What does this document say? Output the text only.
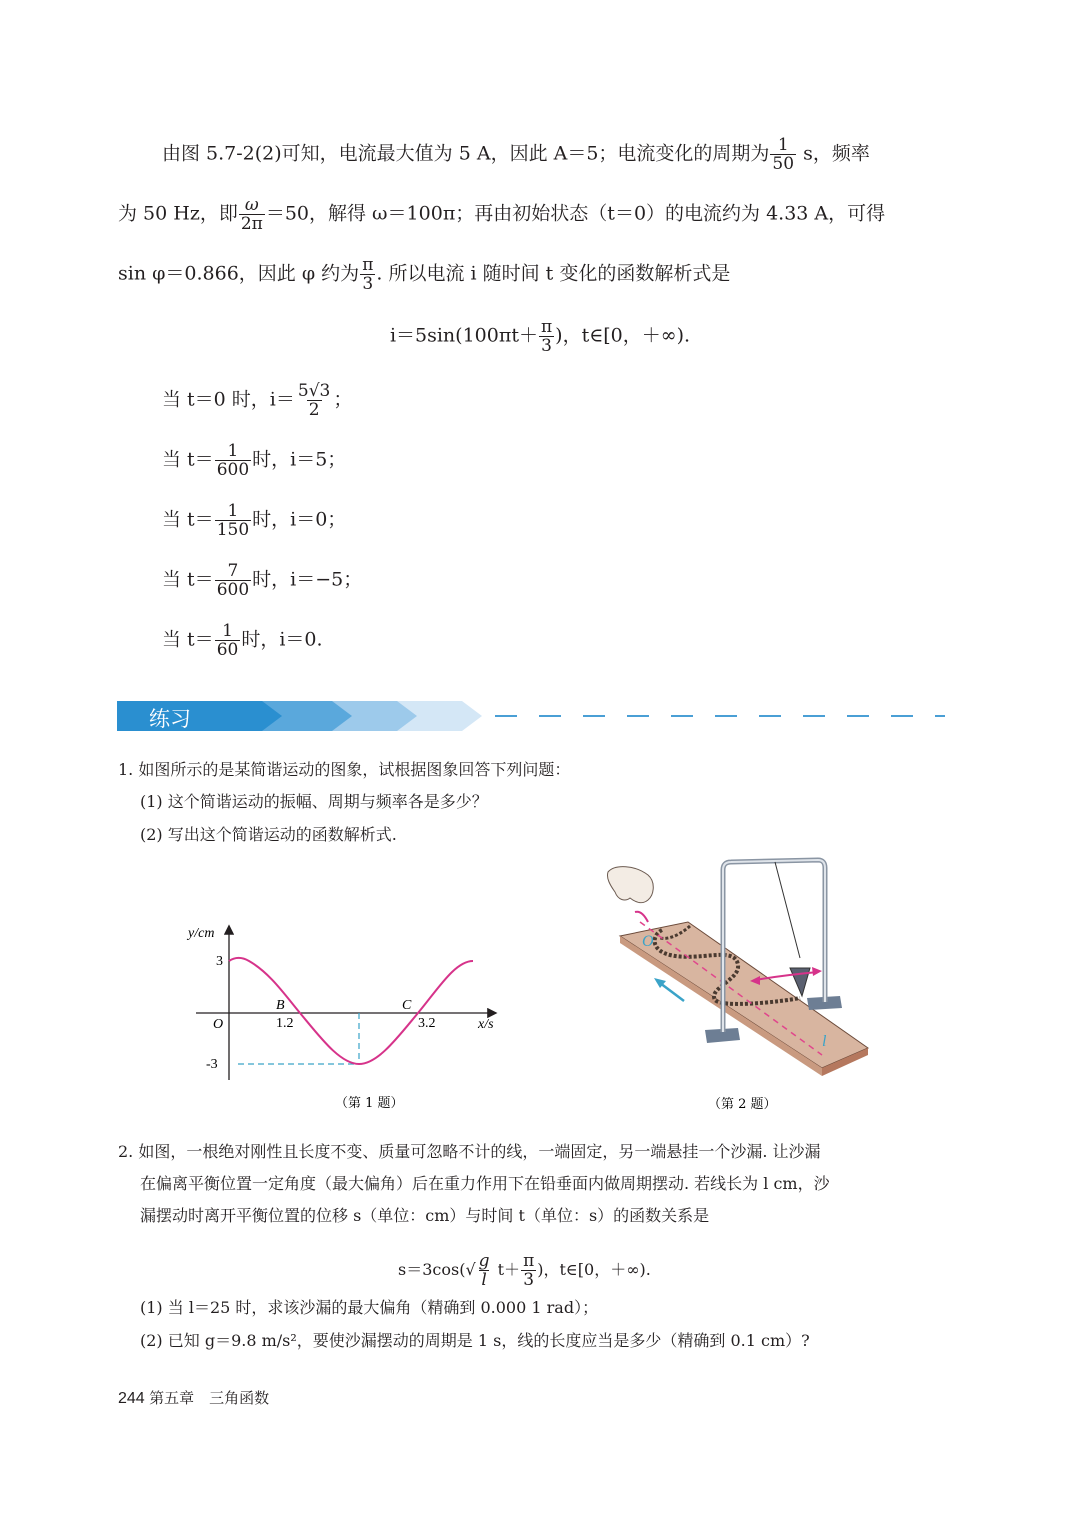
由图 5.7-2(2)可知，电流最大值为 5 A，因此 A＝5；电流变化的周期为 $\frac{1}{50}$ s，频率
为 50 Hz，即 $\frac{\omega}{2\pi} =50$，解得 ω＝100π；再由初始状态（t＝0）的电流约为 4.33 A，可得
sin φ＝0.866，因此 φ 约为 $\frac{\pi}{3}$ . 所以电流 i 随时间 t 变化的函数解析式是
$i=5\sin(100\pi t+ \frac{\pi}{3}$ )，t∈[0，＋∞).
当 t＝0 时，$i= \frac{5√3}{2}$ ；
当 $t= \frac{1}{600}$ 时，i＝5；
当 $t= \frac{1}{150}$ 时，i＝0；
当 $t= \frac{7}{600}$ 时，i＝−5；
当 $t= \frac{1}{60}$ 时，i＝0.
练习
1. 如图所示的是某简谐运动的图象，试根据图象回答下列问题：
(1) 这个简谐运动的振幅、周期与频率各是多少？
(2) 写出这个简谐运动的函数解析式.
y/cm
3
-3
O	1.2	3.2
B	C
x/s
（第 1 题）
O
l
（第 2 题）
2. 如图，一根绝对刚性且长度不变、质量可忽略不计的线，一端固定，另一端悬挂一个沙漏. 让沙漏
在偏离平衡位置一定角度（最大偏角）后在重力作用下在铅垂面内做周期摆动. 若线长为 l cm，沙
漏摆动时离开平衡位置的位移 s（单位：cm）与时间 t（单位：s）的函数关系是
$s=3\cos(√ \frac{g}{l} t+ \frac{\pi}{3}$ )，t∈[0，＋∞).
(1) 当 l＝25 时，求该沙漏的最大偏角（精确到 0.000 1 rad）；
(2) 已知 g＝9.8 m/s²，要使沙漏摆动的周期是 1 s，线的长度应当是多少（精确到 0.1 cm）?
244 第五章　三角函数
